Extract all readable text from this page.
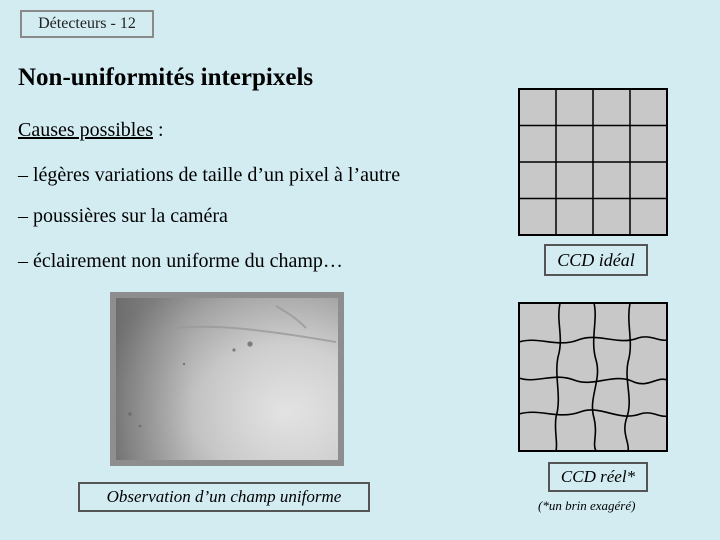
Détecteurs - 12
Non-uniformités interpixels
Causes possibles :
– légères variations de taille d’un pixel à l’autre
– poussières sur la caméra
– éclairement non uniforme du champ…	CCD idéal
CCD réel*
(*un brin exagéré)
Observation d’un champ uniforme
